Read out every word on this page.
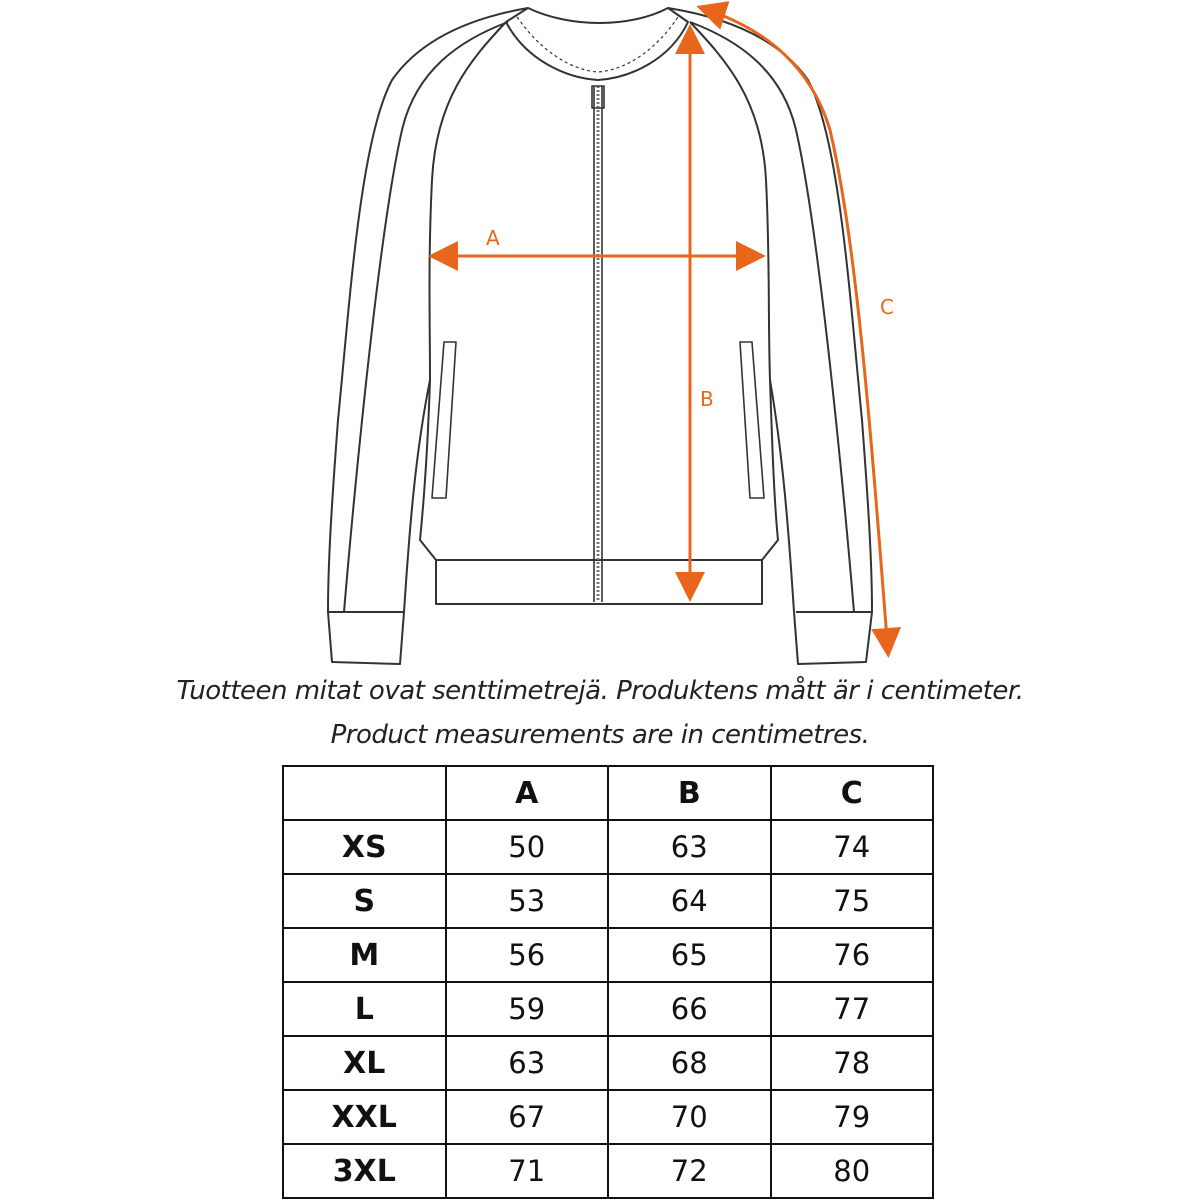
A
B
C
Tuotteen mitat ovat senttimetrejä. Produktens mått är i centimeter.
Product measurements are in centimetres.
	A	B	C
XS	50	63	74
S	53	64	75
M	56	65	76
L	59	66	77
XL	63	68	78
XXL	67	70	79
3XL	71	72	80
